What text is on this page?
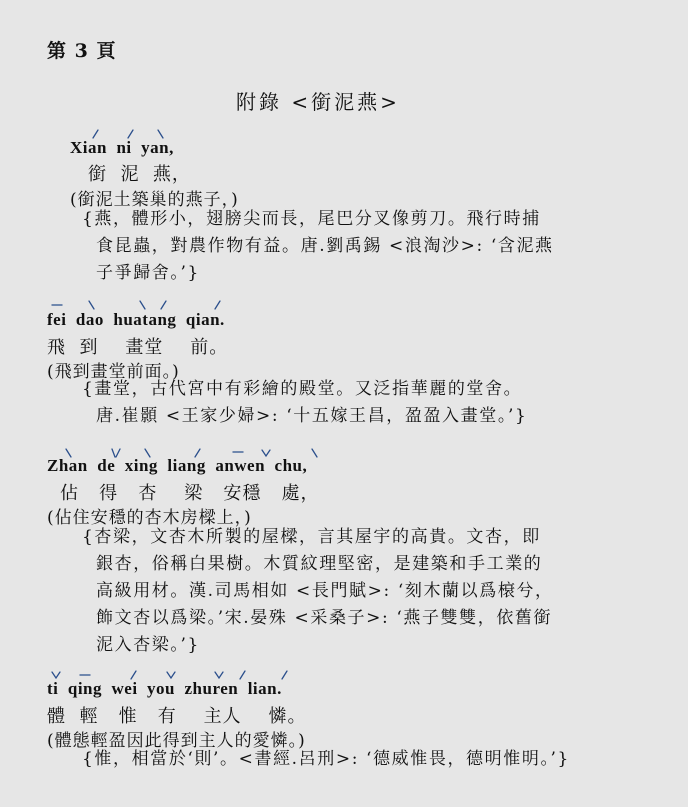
第 3 頁
附錄 <銜泥燕>
Xian  ni  yan,
銜  泥  燕，
(銜泥土築巢的燕子，)
{燕，體形小，翅膀尖而長，尾巴分叉像剪刀。飛行時捕
食昆蟲，對農作物有益。唐.劉禹錫 <浪淘沙>: ‘含泥燕
子爭歸舍。’}
fei  dao  huatang  qian.
飛  到    畫堂    前。
(飛到畫堂前面。)
{畫堂，古代宮中有彩繪的殿堂。又泛指華麗的堂舍。
唐.崔顥 <王家少婦>: ‘十五嫁王昌，盈盈入畫堂。’}
Zhan  de  xing  liang  anwen  chu,
佔   得   杏    梁   安穩   處，
(佔住安穩的杏木房樑上，)
{杏梁，文杏木所製的屋樑，言其屋宇的高貴。文杏，即
銀杏，俗稱白果樹。木質紋理堅密，是建築和手工業的
高級用材。漢.司馬相如 <長門賦>: ‘刻木蘭以爲榱兮，
飾文杏以爲梁。’宋.晏殊 <采桑子>: ‘燕子雙雙，依舊銜
泥入杏梁。’}
ti  qing  wei  you  zhuren  lian.
體  輕   惟   有    主人    憐。
(體態輕盈因此得到主人的愛憐。)
{惟，相當於‘則’。<書經.呂刑>: ‘德威惟畏，德明惟明。’}
